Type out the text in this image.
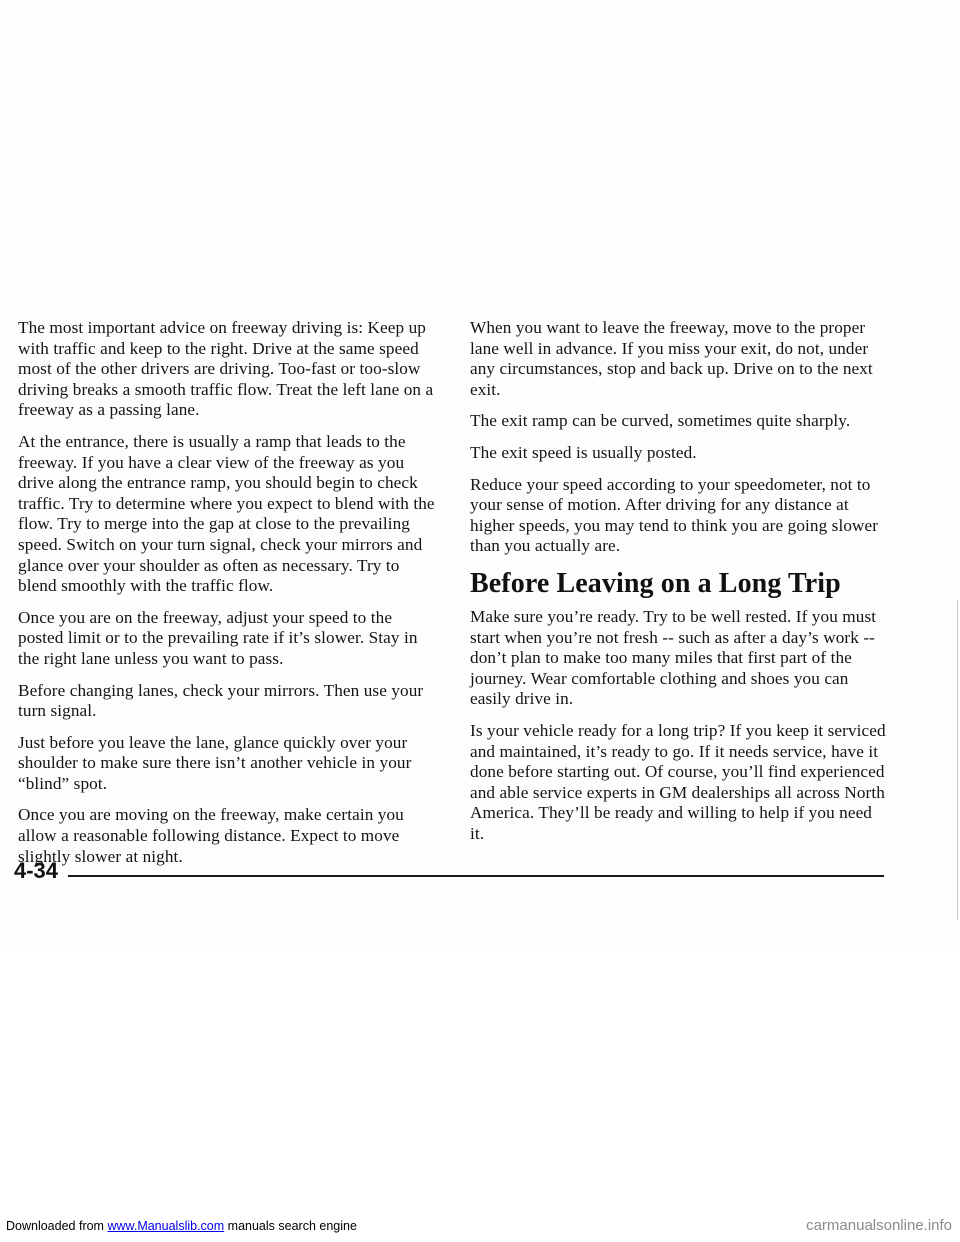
The most important advice on freeway driving is: Keep up with traffic and keep to the right. Drive at the same speed most of the other drivers are driving. Too-fast or too-slow driving breaks a smooth traffic flow. Treat the left lane on a freeway as a passing lane.

At the entrance, there is usually a ramp that leads to the freeway. If you have a clear view of the freeway as you drive along the entrance ramp, you should begin to check traffic. Try to determine where you expect to blend with the flow. Try to merge into the gap at close to the prevailing speed. Switch on your turn signal, check your mirrors and glance over your shoulder as often as necessary. Try to blend smoothly with the traffic flow.

Once you are on the freeway, adjust your speed to the posted limit or to the prevailing rate if it’s slower. Stay in the right lane unless you want to pass.

Before changing lanes, check your mirrors. Then use your turn signal.

Just before you leave the lane, glance quickly over your shoulder to make sure there isn’t another vehicle in your “blind” spot.

Once you are moving on the freeway, make certain you allow a reasonable following distance. Expect to move slightly slower at night.

When you want to leave the freeway, move to the proper lane well in advance. If you miss your exit, do not, under any circumstances, stop and back up. Drive on to the next exit.

The exit ramp can be curved, sometimes quite sharply.

The exit speed is usually posted.

Reduce your speed according to your speedometer, not to your sense of motion. After driving for any distance at higher speeds, you may tend to think you are going slower than you actually are.

Before Leaving on a Long Trip

Make sure you’re ready. Try to be well rested. If you must start when you’re not fresh -- such as after a day’s work -- don’t plan to make too many miles that first part of the journey. Wear comfortable clothing and shoes you can easily drive in.

Is your vehicle ready for a long trip? If you keep it serviced and maintained, it’s ready to go. If it needs service, have it done before starting out. Of course, you’ll find experienced and able service experts in GM dealerships all across North America. They’ll be ready and willing to help if you need it.

4-34
Downloaded from www.Manualslib.com manuals search engine	carmanualsonline.info
